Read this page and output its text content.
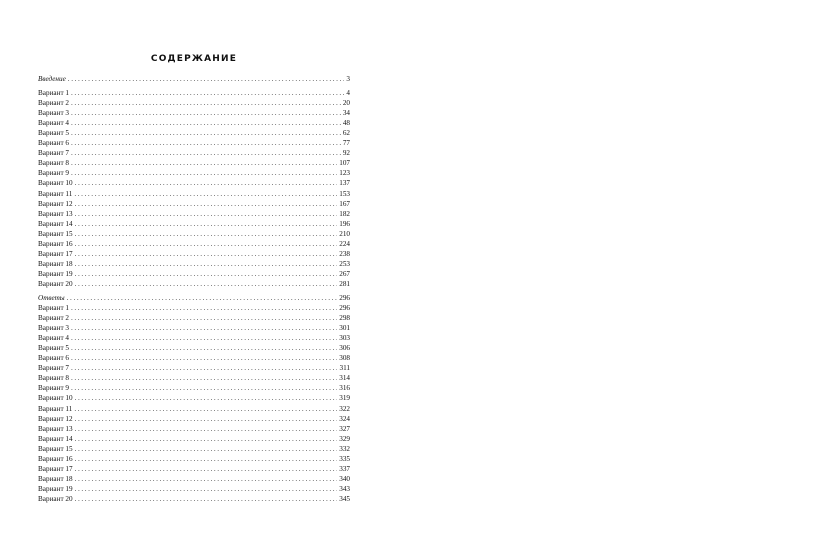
СОДЕРЖАНИЕ
Введение .....	3
Вариант 1 .....	4
Вариант 2 .....	20
Вариант 3 .....	34
Вариант 4 .....	48
Вариант 5 .....	62
Вариант 6 .....	77
Вариант 7 .....	92
Вариант 8 .....	107
Вариант 9 .....	123
Вариант 10 .....	137
Вариант 11 .....	153
Вариант 12 .....	167
Вариант 13 .....	182
Вариант 14 .....	196
Вариант 15 .....	210
Вариант 16 .....	224
Вариант 17 .....	238
Вариант 18 .....	253
Вариант 19 .....	267
Вариант 20 .....	281
Ответы .....	296
Вариант 1 .....	296
Вариант 2 .....	298
Вариант 3 .....	301
Вариант 4 .....	303
Вариант 5 .....	306
Вариант 6 .....	308
Вариант 7 .....	311
Вариант 8 .....	314
Вариант 9 .....	316
Вариант 10 .....	319
Вариант 11 .....	322
Вариант 12 .....	324
Вариант 13 .....	327
Вариант 14 .....	329
Вариант 15 .....	332
Вариант 16 .....	335
Вариант 17 .....	337
Вариант 18 .....	340
Вариант 19 .....	343
Вариант 20 .....	345
